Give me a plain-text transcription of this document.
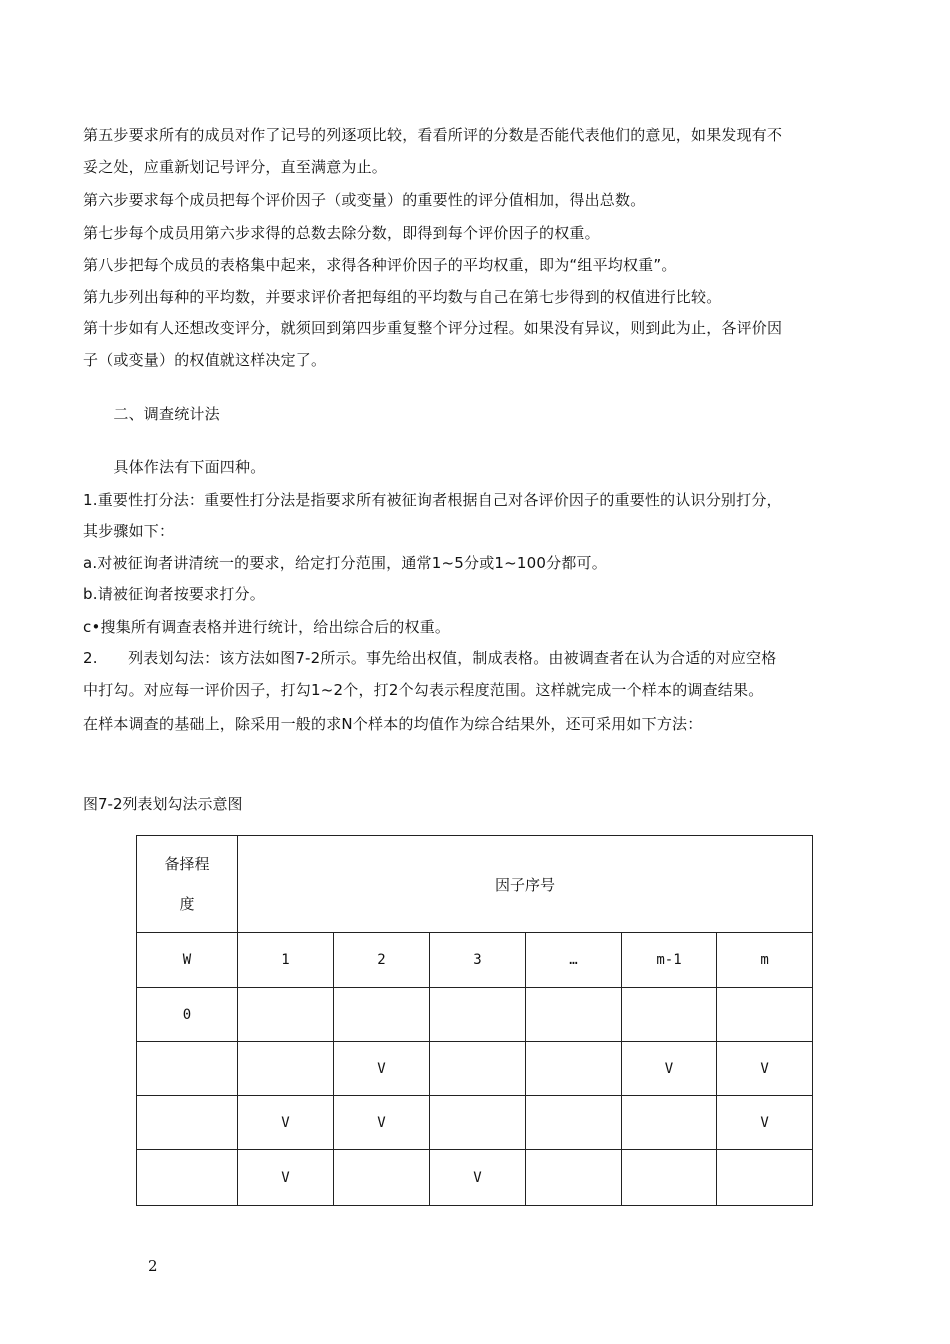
第五步要求所有的成员对作了记号的列逐项比较，看看所评的分数是否能代表他们的意见，如果发现有不
妥之处，应重新划记号评分，直至满意为止。
第六步要求每个成员把每个评价因子（或变量）的重要性的评分值相加，得出总数。
第七步每个成员用第六步求得的总数去除分数，即得到每个评价因子的权重。
第八步把每个成员的表格集中起来，求得各种评价因子的平均权重，即为“组平均权重”。
第九步列出每种的平均数，并要求评价者把每组的平均数与自己在第七步得到的权值进行比较。
第十步如有人还想改变评分，就须回到第四步重复整个评分过程。如果没有异议，则到此为止，各评价因
子（或变量）的权值就这样决定了。
　　二、调查统计法
　　具体作法有下面四种。
1.重要性打分法：重要性打分法是指要求所有被征询者根据自己对各评价因子的重要性的认识分别打分，
其步骤如下：
a.对被征询者讲清统一的要求，给定打分范围，通常1~5分或1~100分都可。
b.请被征询者按要求打分。
c•搜集所有调查表格并进行统计，给出综合后的权重。
2.　　列表划勾法：该方法如图7-2所示。事先给出权值，制成表格。由被调查者在认为合适的对应空格
中打勾。对应每一评价因子，打勾1~2个，打2个勾表示程度范围。这样就完成一个样本的调查结果。
在样本调查的基础上，除采用一般的求N个样本的均值作为综合结果外，还可采用如下方法：
图7-2列表划勾法示意图
备择程
度	因子序号					
W	1	2	3	…	m-1	m
0						
		V			V	V
	V	V				V
	V		V			
2
